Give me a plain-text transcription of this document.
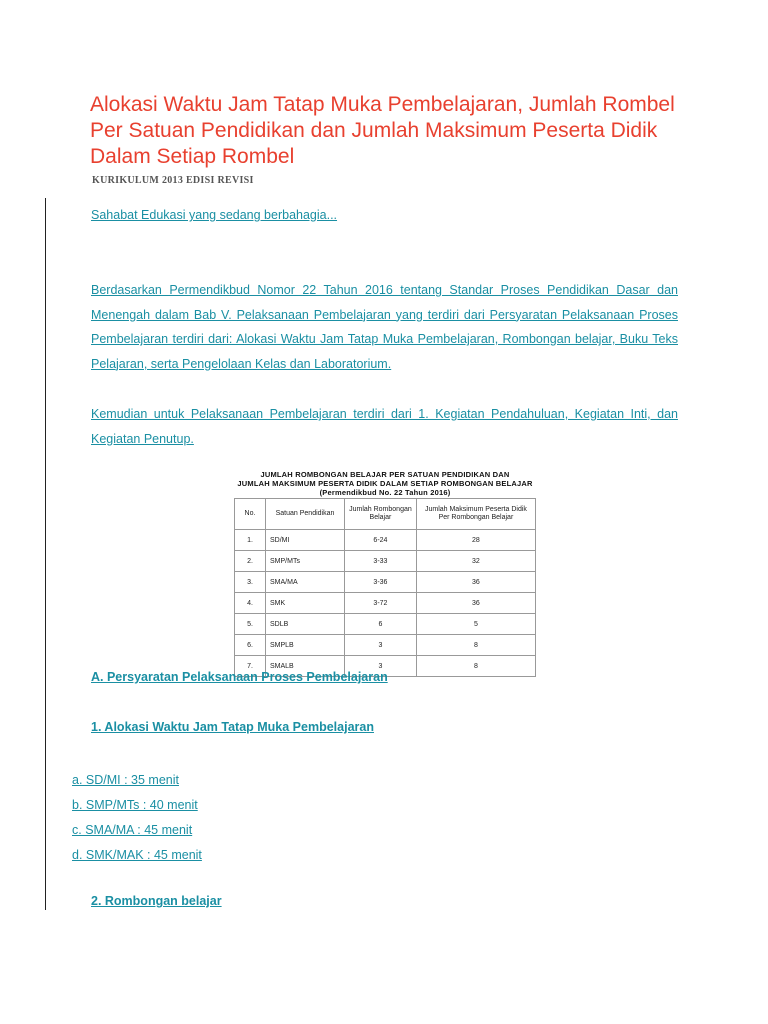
Alokasi Waktu Jam Tatap Muka Pembelajaran, Jumlah Rombel Per Satuan Pendidikan dan Jumlah Maksimum Peserta Didik Dalam Setiap Rombel
KURIKULUM 2013 EDISI REVISI
Sahabat Edukasi yang sedang berbahagia...
Berdasarkan Permendikbud Nomor 22 Tahun 2016 tentang Standar Proses Pendidikan Dasar dan Menengah dalam Bab V. Pelaksanaan Pembelajaran yang terdiri dari Persyaratan Pelaksanaan Proses Pembelajaran terdiri dari: Alokasi Waktu Jam Tatap Muka Pembelajaran, Rombongan belajar, Buku Teks Pelajaran, serta Pengelolaan Kelas dan Laboratorium.
Kemudian untuk Pelaksanaan Pembelajaran terdiri dari 1. Kegiatan Pendahuluan, Kegiatan Inti, dan Kegiatan Penutup.
JUMLAH ROMBONGAN BELAJAR PER SATUAN PENDIDIKAN DAN
JUMLAH MAKSIMUM PESERTA DIDIK DALAM SETIAP ROMBONGAN BELAJAR
(Permendikbud No. 22 Tahun 2016)
No.	Satuan Pendidikan	Jumlah Rombongan Belajar	Jumlah Maksimum Peserta Didik Per Rombongan Belajar
1.	SD/MI	6-24	28
2.	SMP/MTs	3-33	32
3.	SMA/MA	3-36	36
4.	SMK	3-72	36
5.	SDLB	6	5
6.	SMPLB	3	8
7.	SMALB	3	8
A. Persyaratan Pelaksanaan Proses Pembelajaran
1. Alokasi Waktu Jam Tatap Muka Pembelajaran
a. SD/MI : 35 menit
b. SMP/MTs : 40 menit
c. SMA/MA : 45 menit
d. SMK/MAK : 45 menit
2. Rombongan belajar
